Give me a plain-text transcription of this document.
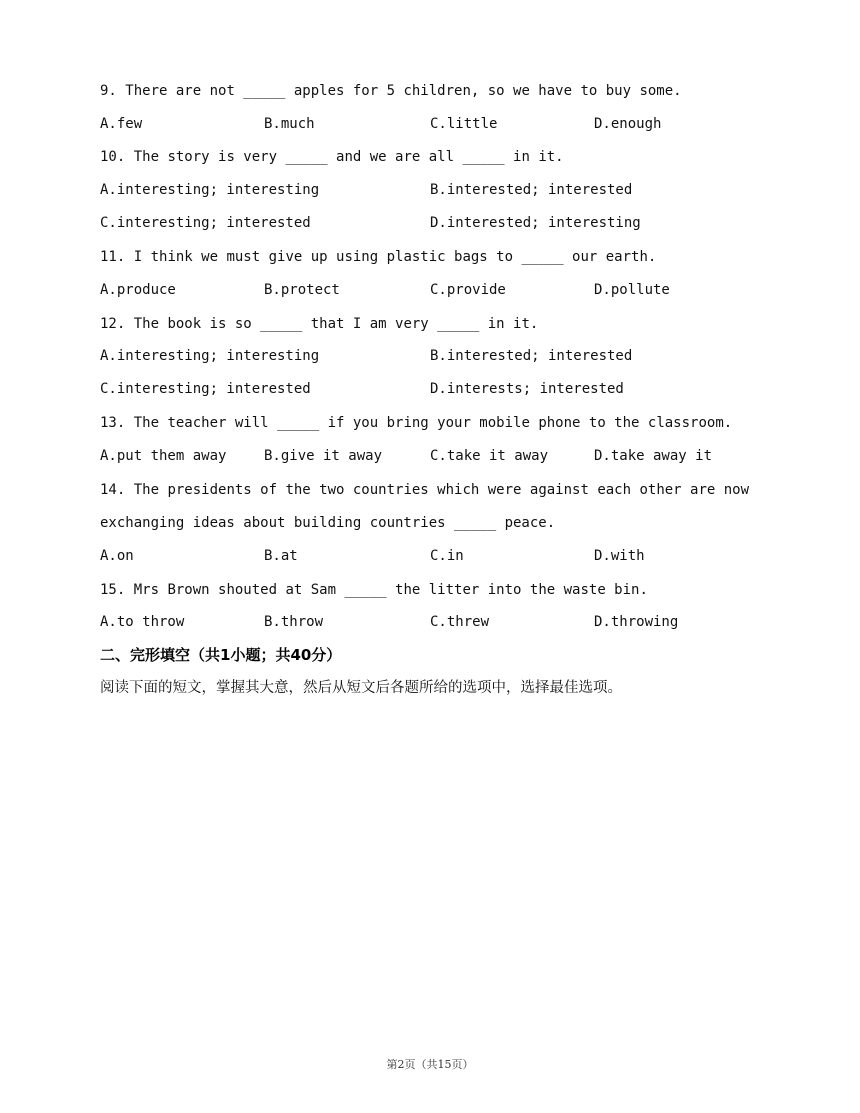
9. There are not _____ apples for 5 children, so we have to buy some.
A.few	B.much	C.little	D.enough
10. The story is very _____ and we are all _____ in it.
A.interesting; interesting	B.interested; interested
C.interesting; interested	D.interested; interesting
11. I think we must give up using plastic bags to _____ our earth.
A.produce	B.protect	C.provide	D.pollute
12. The book is so _____ that I am very _____ in it.
A.interesting; interesting	B.interested; interested
C.interesting; interested	D.interests; interested
13. The teacher will _____ if you bring your mobile phone to the classroom.
A.put them away	B.give it away	C.take it away	D.take away it
14. The presidents of the two countries which were against each other are now
exchanging ideas about building countries _____ peace.
A.on	B.at	C.in	D.with
15. Mrs Brown shouted at Sam _____ the litter into the waste bin.
A.to throw	B.throw	C.threw	D.throwing
二、完形填空（共1小题；共40分）
阅读下面的短文，掌握其大意，然后从短文后各题所给的选项中，选择最佳选项。
第2页（共15页）
